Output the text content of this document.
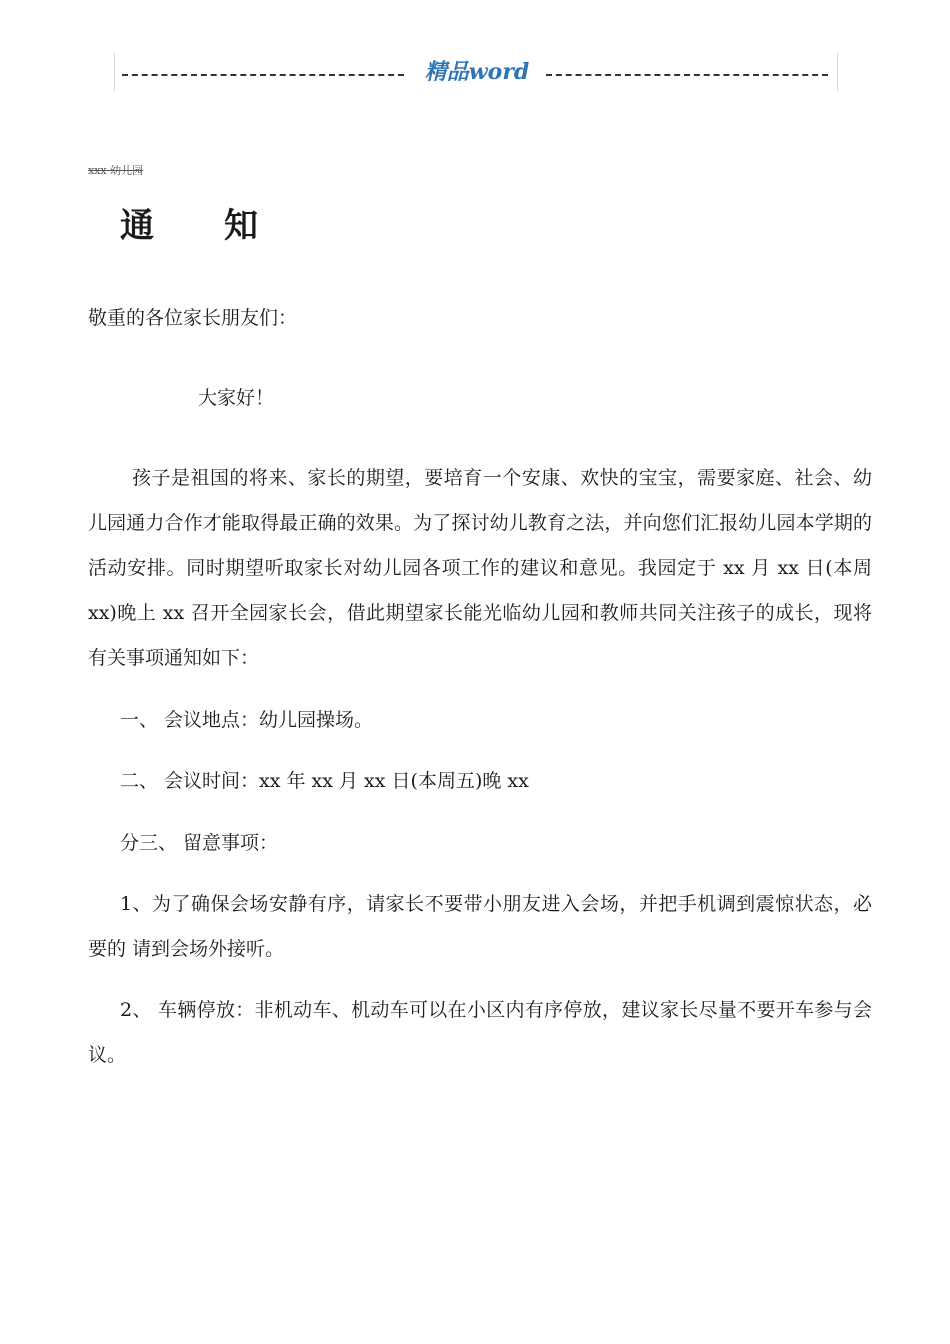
精品word
xxx 幼儿园
通知
敬重的各位家长朋友们：
大家好！
孩子是祖国的将来、家长的期望，要培育一个安康、欢快的宝宝，需要家庭、社会、幼儿园通力合作才能取得最正确的效果。为了探讨幼儿教育之法，并向您们汇报幼儿园本学期的活动安排。同时期望听取家长对幼儿园各项工作的建议和意见。我园定于 xx 月 xx 日(本周 xx)晚上 xx 召开全园家长会，借此期望家长能光临幼儿园和教师共同关注孩子的成长，现将有关事项通知如下：
一、 会议地点：幼儿园操场。
二、 会议时间：xx 年 xx 月 xx 日(本周五)晚 xx
分三、 留意事项：
1、为了确保会场安静有序，请家长不要带小朋友进入会场，并把手机调到震惊状态，必要的 请到会场外接听。
2、 车辆停放：非机动车、机动车可以在小区内有序停放，建议家长尽量不要开车参与会议。
